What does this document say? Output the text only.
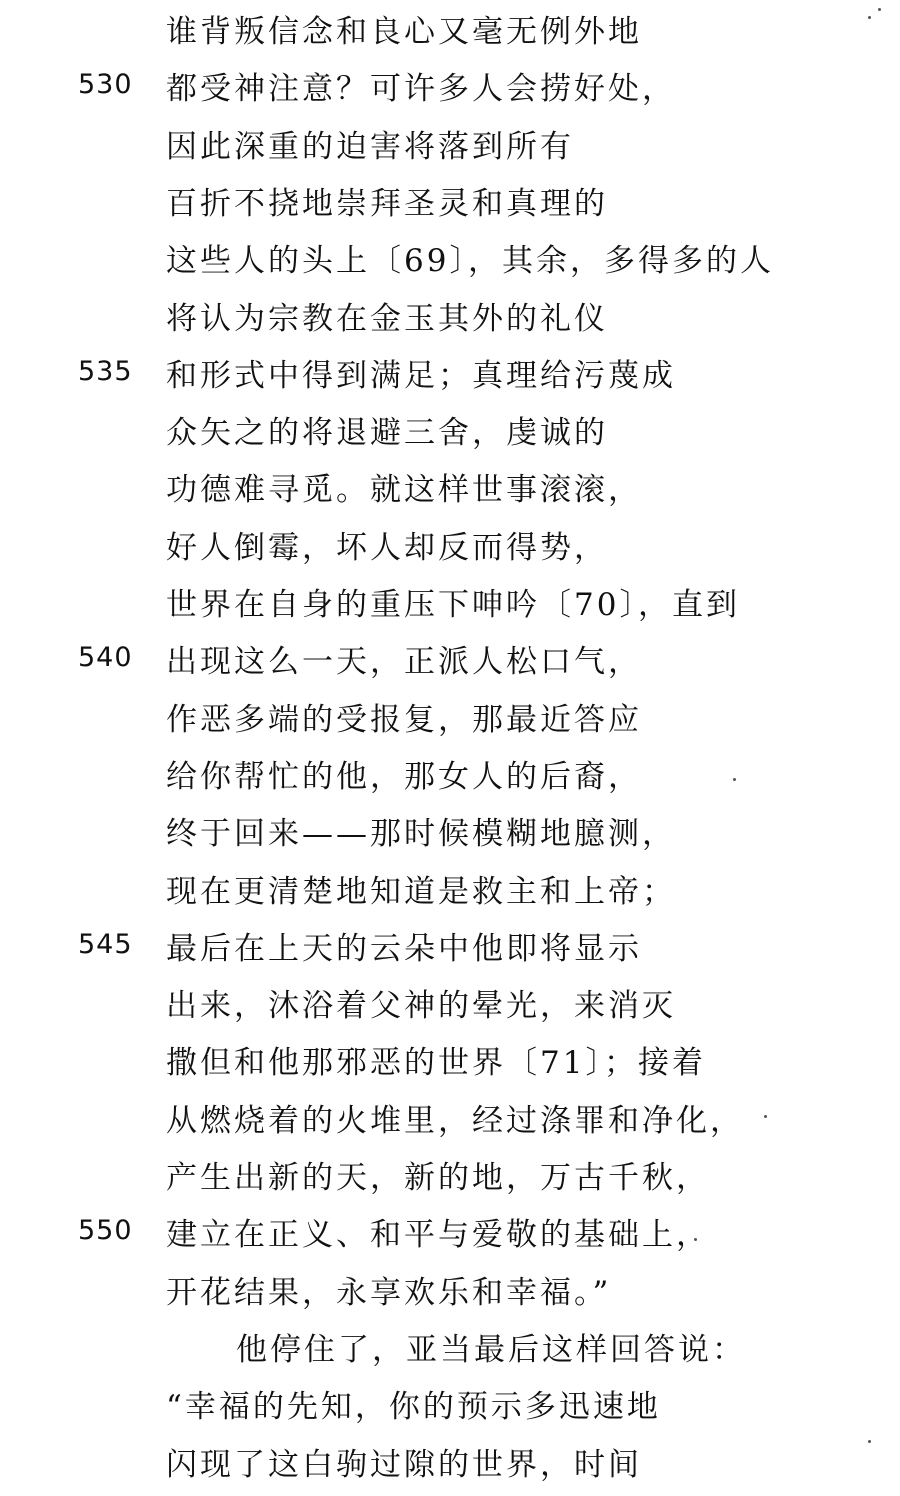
谁背叛信念和良心又毫无例外地
530 都受神注意？可许多人会捞好处，
因此深重的迫害将落到所有
百折不挠地崇拜圣灵和真理的
这些人的头上〔69〕，其余，多得多的人
将认为宗教在金玉其外的礼仪
535 和形式中得到满足；真理给污蔑成
众矢之的将退避三舍，虔诚的
功德难寻觅。就这样世事滚滚，
好人倒霉，坏人却反而得势，
世界在自身的重压下呻吟〔70〕，直到
540 出现这么一天，正派人松口气，
作恶多端的受报复，那最近答应
给你帮忙的他，那女人的后裔，
终于回来——那时候模糊地臆测，
现在更清楚地知道是救主和上帝；
545 最后在上天的云朵中他即将显示
出来，沐浴着父神的晕光，来消灭
撒但和他那邪恶的世界〔71〕；接着
从燃烧着的火堆里，经过涤罪和净化，
产生出新的天，新的地，万古千秋，
550 建立在正义、和平与爱敬的基础上，
开花结果，永享欢乐和幸福。”
他停住了，亚当最后这样回答说：
“幸福的先知，你的预示多迅速地
闪现了这白驹过隙的世界，时间
